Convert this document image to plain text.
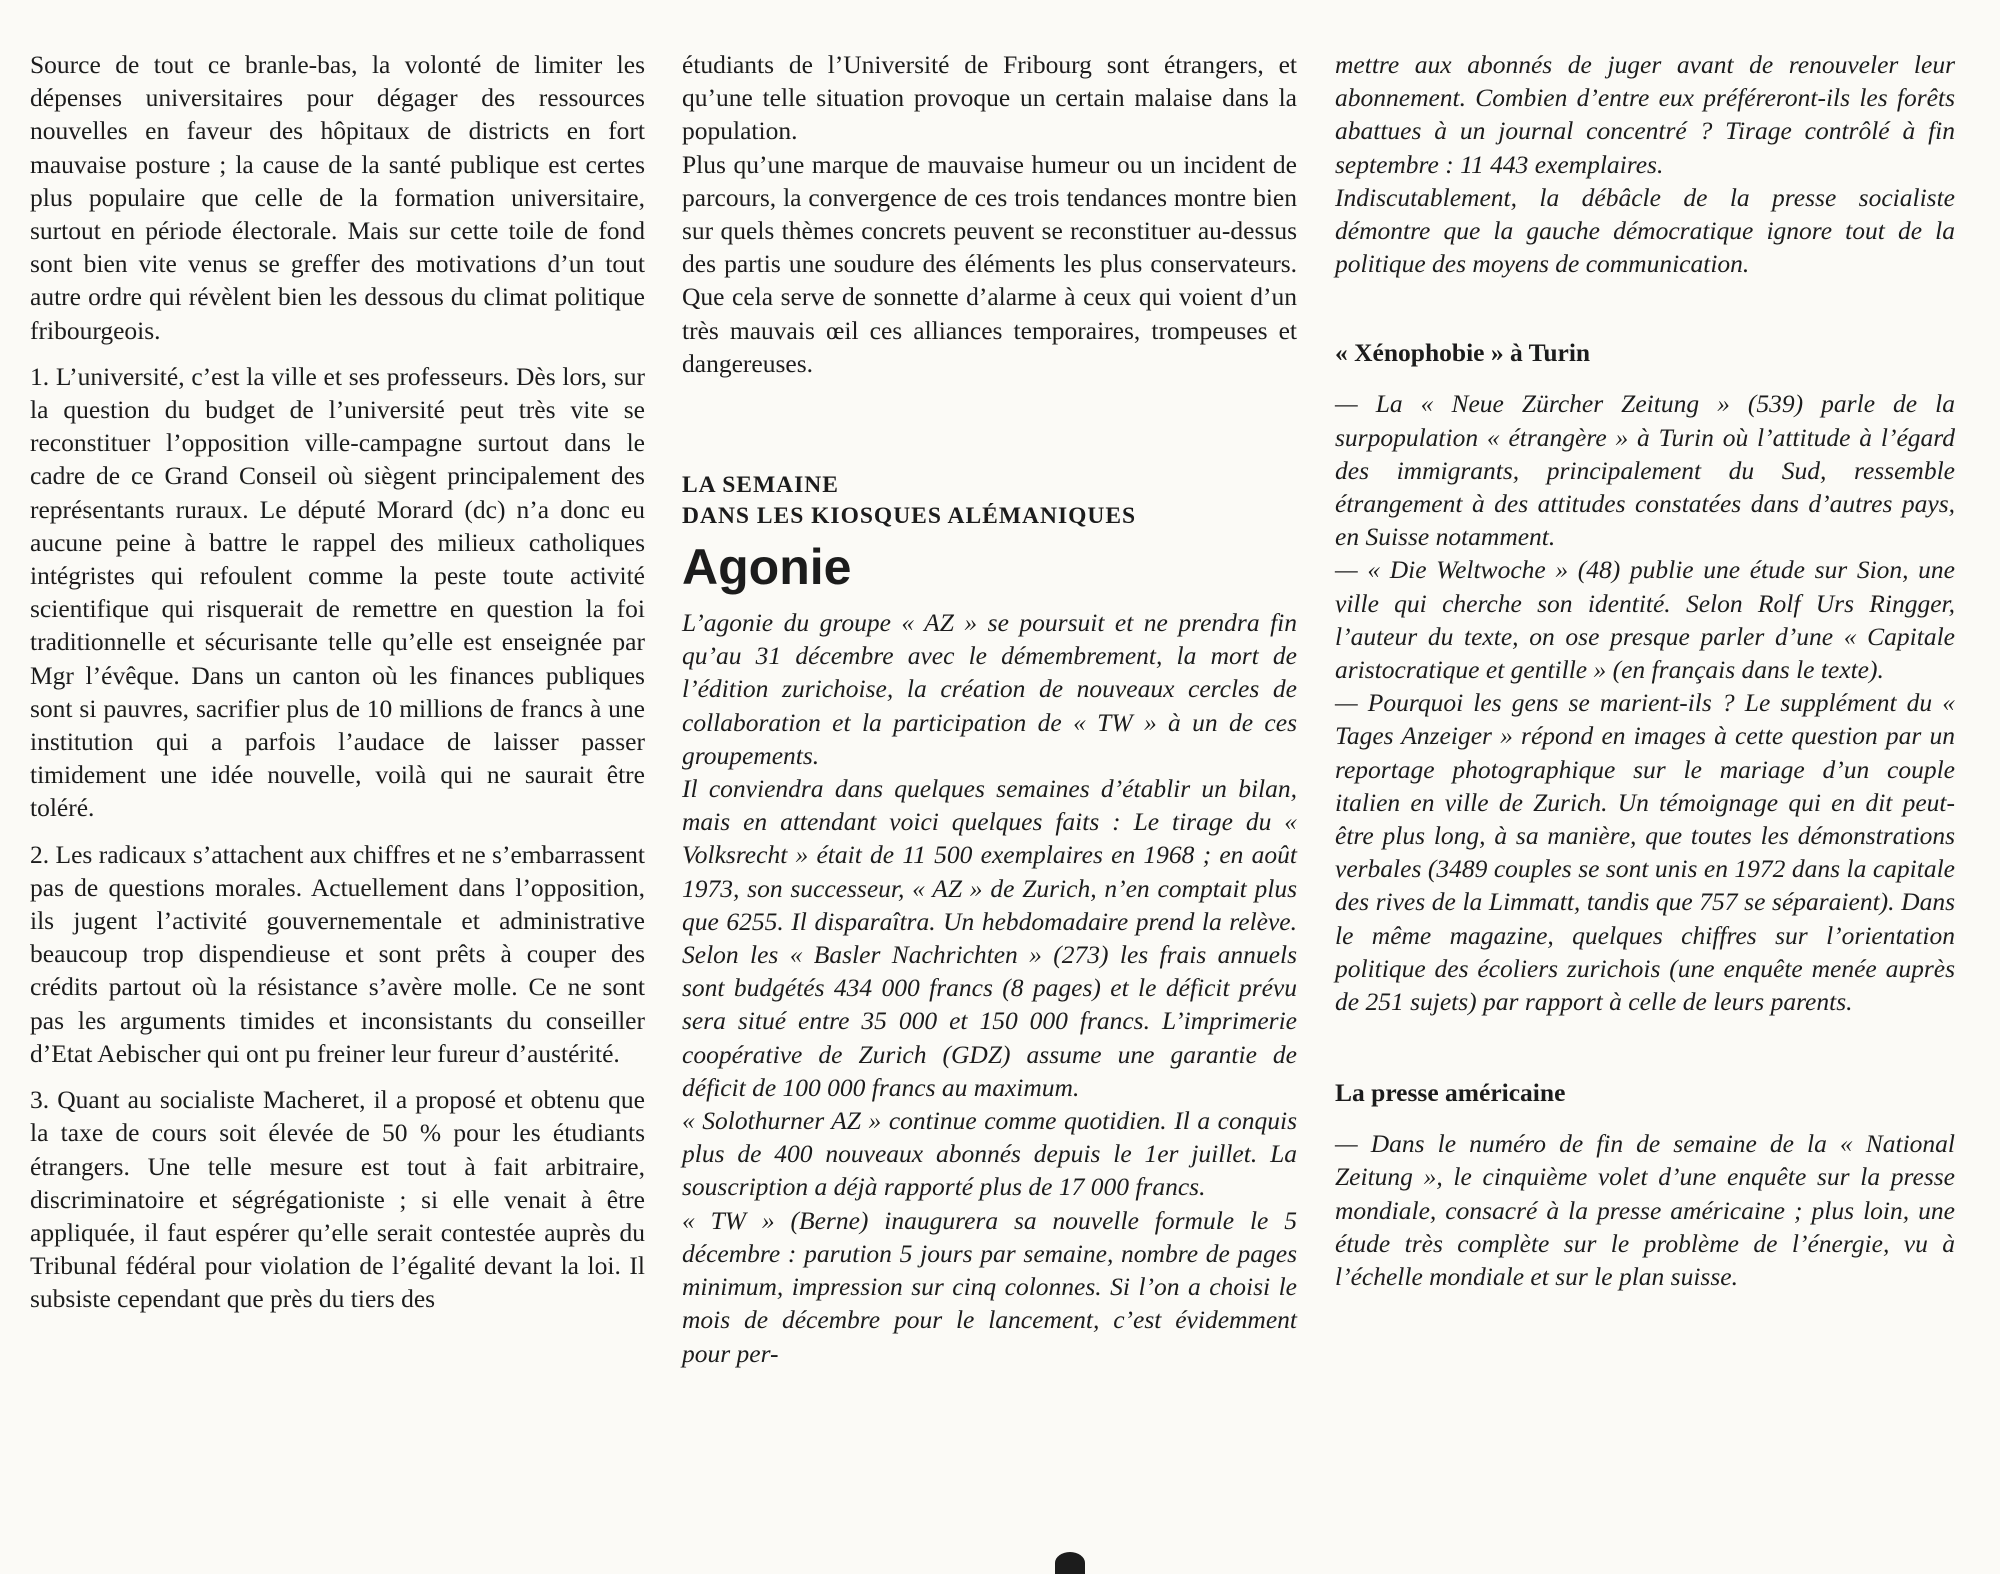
Source de tout ce branle-bas, la volonté de limiter les dépenses universitaires pour dégager des ressources nouvelles en faveur des hôpitaux de districts en fort mauvaise posture ; la cause de la santé publique est certes plus populaire que celle de la formation universitaire, surtout en période électorale. Mais sur cette toile de fond sont bien vite venus se greffer des motivations d’un tout autre ordre qui révèlent bien les dessous du climat politique fribourgeois.

1. L’université, c’est la ville et ses professeurs. Dès lors, sur la question du budget de l’université peut très vite se reconstituer l’opposition ville-campagne surtout dans le cadre de ce Grand Conseil où siègent principalement des représentants ruraux. Le député Morard (dc) n’a donc eu aucune peine à battre le rappel des milieux catholiques intégristes qui refoulent comme la peste toute activité scientifique qui risquerait de remettre en question la foi traditionnelle et sécurisante telle qu’elle est enseignée par Mgr l’évêque. Dans un canton où les finances publiques sont si pauvres, sacrifier plus de 10 millions de francs à une institution qui a parfois l’audace de laisser passer timidement une idée nouvelle, voilà qui ne saurait être toléré.

2. Les radicaux s’attachent aux chiffres et ne s’embarrassent pas de questions morales. Actuellement dans l’opposition, ils jugent l’activité gouvernementale et administrative beaucoup trop dispendieuse et sont prêts à couper des crédits partout où la résistance s’avère molle. Ce ne sont pas les arguments timides et inconsistants du conseiller d’Etat Aebischer qui ont pu freiner leur fureur d’austérité.

3. Quant au socialiste Macheret, il a proposé et obtenu que la taxe de cours soit élevée de 50 % pour les étudiants étrangers. Une telle mesure est tout à fait arbitraire, discriminatoire et ségrégationiste ; si elle venait à être appliquée, il faut espérer qu’elle serait contestée auprès du Tribunal fédéral pour violation de l’égalité devant la loi. Il subsiste cependant que près du tiers des

étudiants de l’Université de Fribourg sont étrangers, et qu’une telle situation provoque un certain malaise dans la population.

Plus qu’une marque de mauvaise humeur ou un incident de parcours, la convergence de ces trois tendances montre bien sur quels thèmes concrets peuvent se reconstituer au-dessus des partis une soudure des éléments les plus conservateurs. Que cela serve de sonnette d’alarme à ceux qui voient d’un très mauvais œil ces alliances temporaires, trompeuses et dangereuses.

LA SEMAINE
DANS LES KIOSQUES ALÉMANIQUES
Agonie

L’agonie du groupe « AZ » se poursuit et ne prendra fin qu’au 31 décembre avec le démembrement, la mort de l’édition zurichoise, la création de nouveaux cercles de collaboration et la participation de « TW » à un de ces groupements.

Il conviendra dans quelques semaines d’établir un bilan, mais en attendant voici quelques faits : Le tirage du « Volksrecht » était de 11 500 exemplaires en 1968 ; en août 1973, son successeur, « AZ » de Zurich, n’en comptait plus que 6255. Il disparaîtra. Un hebdomadaire prend la relève. Selon les « Basler Nachrichten » (273) les frais annuels sont budgétés 434 000 francs (8 pages) et le déficit prévu sera situé entre 35 000 et 150 000 francs. L’imprimerie coopérative de Zurich (GDZ) assume une garantie de déficit de 100 000 francs au maximum.

« Solothurner AZ » continue comme quotidien. Il a conquis plus de 400 nouveaux abonnés depuis le 1er juillet. La souscription a déjà rapporté plus de 17 000 francs.

« TW » (Berne) inaugurera sa nouvelle formule le 5 décembre : parution 5 jours par semaine, nombre de pages minimum, impression sur cinq colonnes. Si l’on a choisi le mois de décembre pour le lancement, c’est évidemment pour per-

mettre aux abonnés de juger avant de renouveler leur abonnement. Combien d’entre eux préféreront-ils les forêts abattues à un journal concentré ? Tirage contrôlé à fin septembre : 11 443 exemplaires.

Indiscutablement, la débâcle de la presse socialiste démontre que la gauche démocratique ignore tout de la politique des moyens de communication.

« Xénophobie » à Turin

— La « Neue Zürcher Zeitung » (539) parle de la surpopulation « étrangère » à Turin où l’attitude à l’égard des immigrants, principalement du Sud, ressemble étrangement à des attitudes constatées dans d’autres pays, en Suisse notamment.

— « Die Weltwoche » (48) publie une étude sur Sion, une ville qui cherche son identité. Selon Rolf Urs Ringger, l’auteur du texte, on ose presque parler d’une « Capitale aristocratique et gentille » (en français dans le texte).

— Pourquoi les gens se marient-ils ? Le supplément du « Tages Anzeiger » répond en images à cette question par un reportage photographique sur le mariage d’un couple italien en ville de Zurich. Un témoignage qui en dit peut-être plus long, à sa manière, que toutes les démonstrations verbales (3489 couples se sont unis en 1972 dans la capitale des rives de la Limmatt, tandis que 757 se séparaient). Dans le même magazine, quelques chiffres sur l’orientation politique des écoliers zurichois (une enquête menée auprès de 251 sujets) par rapport à celle de leurs parents.

La presse américaine

— Dans le numéro de fin de semaine de la « National Zeitung », le cinquième volet d’une enquête sur la presse mondiale, consacré à la presse américaine ; plus loin, une étude très complète sur le problème de l’énergie, vu à l’échelle mondiale et sur le plan suisse.
